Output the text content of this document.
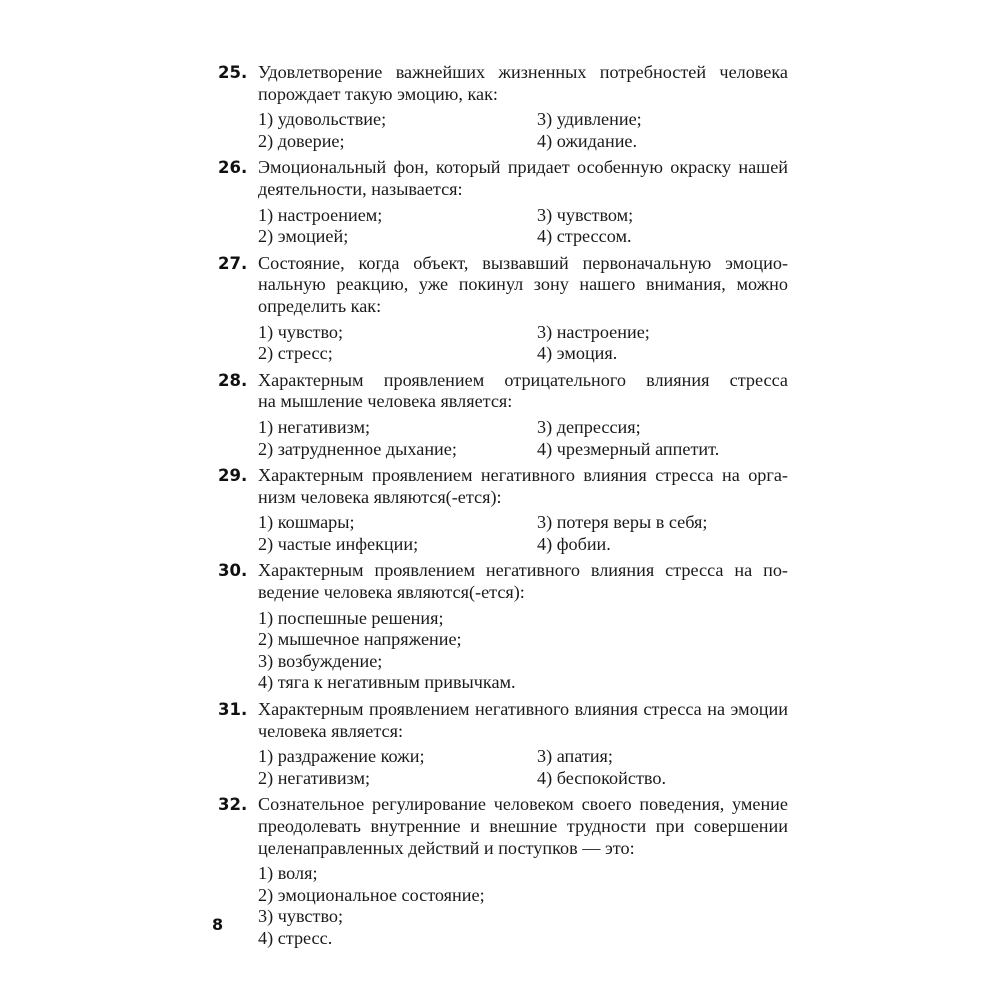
25. Удовлетворение важнейших жизненных потребностей человека
порождает такую эмоцию, как:
1) удовольствие;	3) удивление;
2) доверие;	4) ожидание.
26. Эмоциональный фон, который придает особенную окраску нашей
деятельности, называется:
1) настроением;	3) чувством;
2) эмоцией;	4) стрессом.
27. Состояние, когда объект, вызвавший первоначальную эмоцио-
нальную реакцию, уже покинул зону нашего внимания, можно
определить как:
1) чувство;	3) настроение;
2) стресс;	4) эмоция.
28. Характерным проявлением отрицательного влияния стресса
на мышление человека является:
1) негативизм;	3) депрессия;
2) затрудненное дыхание;	4) чрезмерный аппетит.
29. Характерным проявлением негативного влияния стресса на орга-
низм человека являются(-ется):
1) кошмары;	3) потеря веры в себя;
2) частые инфекции;	4) фобии.
30. Характерным проявлением негативного влияния стресса на по-
ведение человека являются(-ется):
1) поспешные решения;
2) мышечное напряжение;
3) возбуждение;
4) тяга к негативным привычкам.
31. Характерным проявлением негативного влияния стресса на эмоции
человека является:
1) раздражение кожи;	3) апатия;
2) негативизм;	4) беспокойство.
32. Сознательное регулирование человеком своего поведения, умение
преодолевать внутренние и внешние трудности при совершении
целенаправленных действий и поступков — это:
1) воля;
2) эмоциональное состояние;
3) чувство;
4) стресс.
8
